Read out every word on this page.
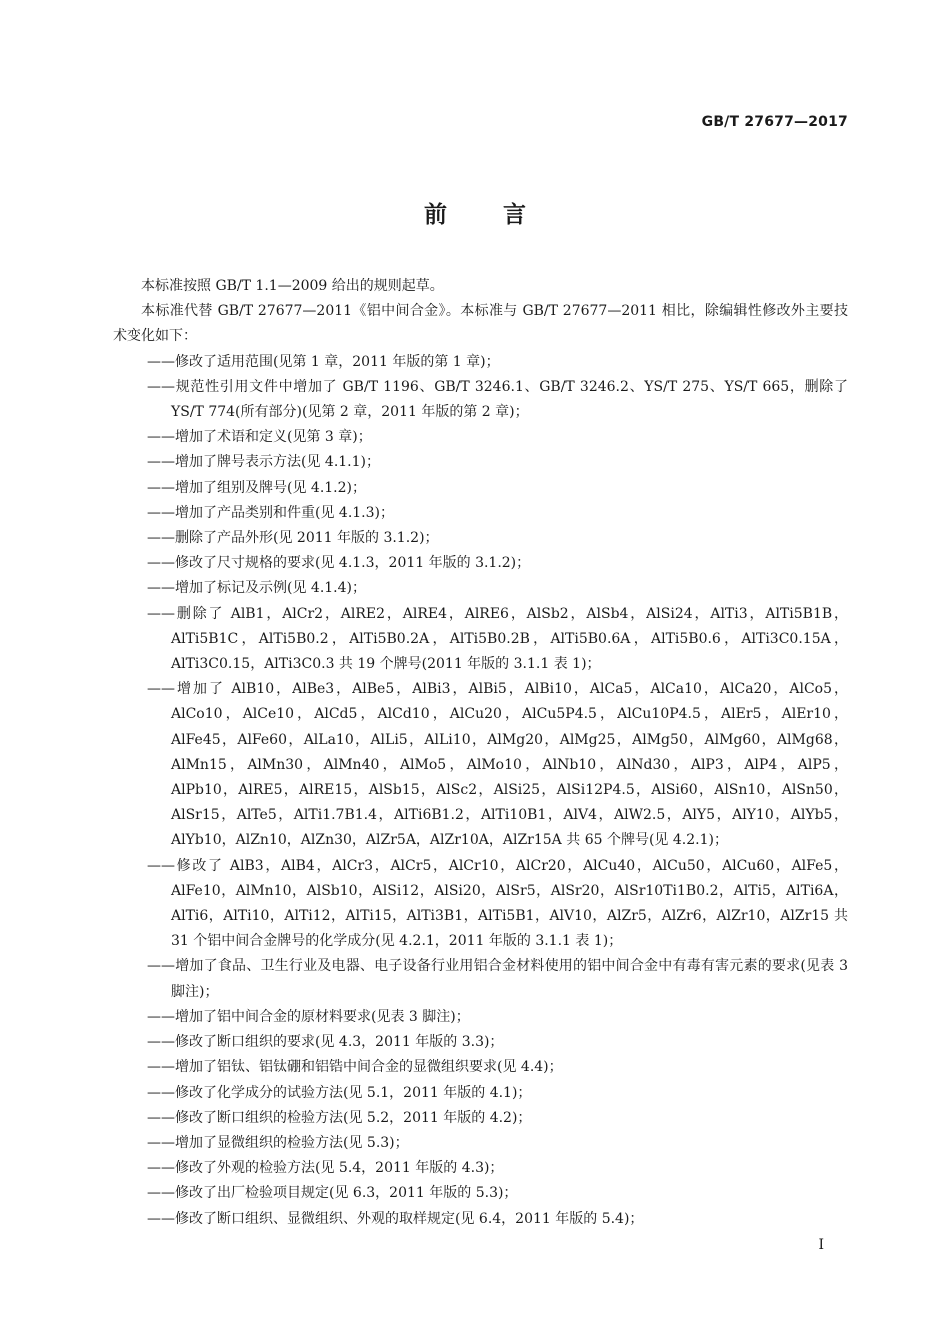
GB/T 27677—2017
前言

本标准按照 GB/T 1.1—2009 给出的规则起草。

本标准代替 GB/T 27677—2011《铝中间合金》。本标准与 GB/T 27677—2011 相比，除编辑性修改外主要技术变化如下：

——修改了适用范围(见第 1 章，2011 年版的第 1 章)；

——规范性引用文件中增加了 GB/T 1196、GB/T 3246.1、GB/T 3246.2、YS/T 275、YS/T 665，删除了 YS/T 774(所有部分)(见第 2 章，2011 年版的第 2 章)；

——增加了术语和定义(见第 3 章)；

——增加了牌号表示方法(见 4.1.1)；

——增加了组别及牌号(见 4.1.2)；

——增加了产品类别和件重(见 4.1.3)；

——删除了产品外形(见 2011 年版的 3.1.2)；

——修改了尺寸规格的要求(见 4.1.3，2011 年版的 3.1.2)；

——增加了标记及示例(见 4.1.4)；

——删除了 AlB1，AlCr2，AlRE2，AlRE4，AlRE6，AlSb2，AlSb4，AlSi24，AlTi3，AlTi5B1B，AlTi5B1C，AlTi5B0.2，AlTi5B0.2A，AlTi5B0.2B，AlTi5B0.6A，AlTi5B0.6，AlTi3C0.15A，AlTi3C0.15，AlTi3C0.3 共 19 个牌号(2011 年版的 3.1.1 表 1)；

——增加了 AlB10，AlBe3，AlBe5，AlBi3，AlBi5，AlBi10，AlCa5，AlCa10，AlCa20，AlCo5，AlCo10，AlCe10，AlCd5，AlCd10，AlCu20，AlCu5P4.5，AlCu10P4.5，AlEr5，AlEr10，AlFe45，AlFe60，AlLa10，AlLi5，AlLi10，AlMg20，AlMg25，AlMg50，AlMg60，AlMg68，AlMn15，AlMn30，AlMn40，AlMo5，AlMo10，AlNb10，AlNd30，AlP3，AlP4，AlP5，AlPb10，AlRE5，AlRE15，AlSb15，AlSc2，AlSi25，AlSi12P4.5，AlSi60，AlSn10，AlSn50，AlSr15，AlTe5，AlTi1.7B1.4，AlTi6B1.2，AlTi10B1，AlV4，AlW2.5，AlY5，AlY10，AlYb5，AlYb10，AlZn10，AlZn30，AlZr5A，AlZr10A，AlZr15A 共 65 个牌号(见 4.2.1)；

——修改了 AlB3，AlB4，AlCr3，AlCr5，AlCr10，AlCr20，AlCu40，AlCu50，AlCu60，AlFe5，AlFe10，AlMn10，AlSb10，AlSi12，AlSi20，AlSr5，AlSr20，AlSr10Ti1B0.2，AlTi5，AlTi6A，AlTi6，AlTi10，AlTi12，AlTi15，AlTi3B1，AlTi5B1，AlV10，AlZr5，AlZr6，AlZr10，AlZr15 共 31 个铝中间合金牌号的化学成分(见 4.2.1，2011 年版的 3.1.1 表 1)；

——增加了食品、卫生行业及电器、电子设备行业用铝合金材料使用的铝中间合金中有毒有害元素的要求(见表 3 脚注)；

——增加了铝中间合金的原材料要求(见表 3 脚注)；

——修改了断口组织的要求(见 4.3，2011 年版的 3.3)；

——增加了铝钛、铝钛硼和铝锆中间合金的显微组织要求(见 4.4)；

——修改了化学成分的试验方法(见 5.1，2011 年版的 4.1)；

——修改了断口组织的检验方法(见 5.2，2011 年版的 4.2)；

——增加了显微组织的检验方法(见 5.3)；

——修改了外观的检验方法(见 5.4，2011 年版的 4.3)；

——修改了出厂检验项目规定(见 6.3，2011 年版的 5.3)；

——修改了断口组织、显微组织、外观的取样规定(见 6.4，2011 年版的 5.4)；

I
